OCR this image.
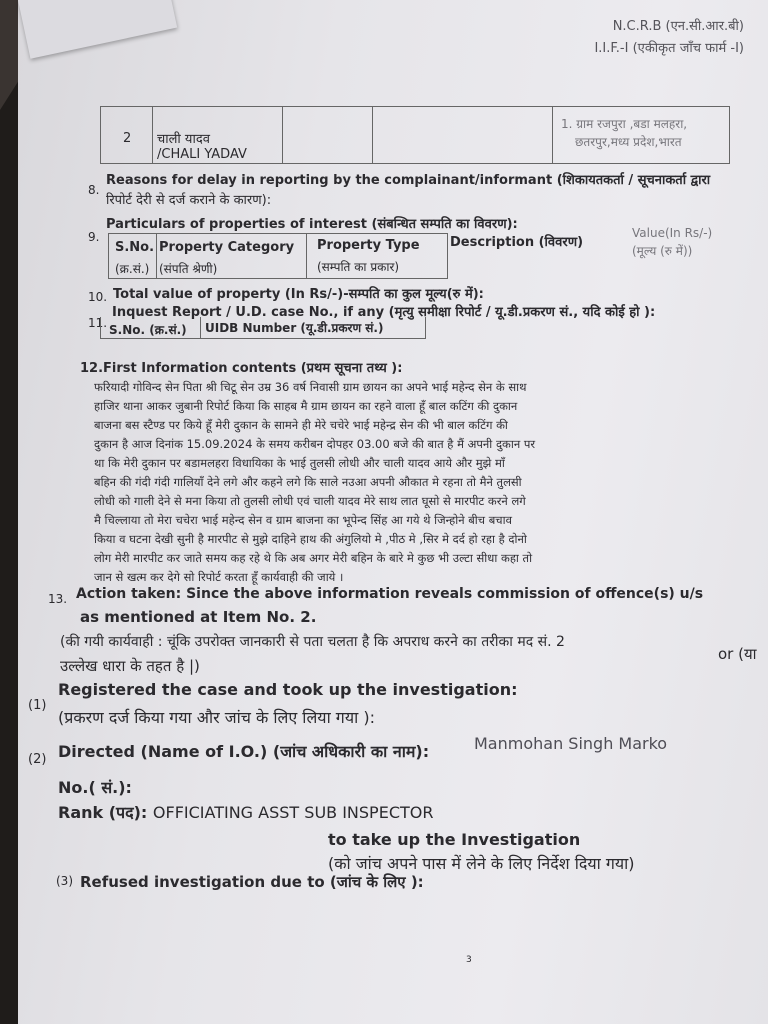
N.C.R.B (एन.सी.आर.बी)
I.I.F.-I (एकीकृत जाँच फार्म -I)
2 चाली यादव
/CHALI YADAV
1. ग्राम रजपुरा ,बडा मलहरा,
छतरपुर,मध्य प्रदेश,भारत
8.
Reasons for delay in reporting by the complainant/informant (शिकायतकर्ता / सूचनाकर्ता द्वारा
रिपोर्ट देरी से दर्ज कराने के कारण):
9.
Particulars of properties of interest (संबन्धित सम्पति का विवरण):
S.No.
(क्र.सं.)
Property Category
(संपति श्रेणी)
Property Type
(सम्पति का प्रकार)
Description (विवरण)
Value(In Rs/-)
(मूल्य (रु में))
10. Total value of property (In Rs/-)-सम्पति का कुल मूल्य(रु में):
11.
Inquest Report / U.D. case No., if any (मृत्यु समीक्षा रिपोर्ट / यू.डी.प्रकरण सं., यदि कोई हो ):
S.No. (क्र.सं.) UIDB Number (यू.डी.प्रकरण सं.)
12.First Information contents (प्रथम सूचना तथ्य ):
फरियादी गोविन्द सेन पिता श्री चिटू सेन उम्र 36 वर्ष निवासी ग्राम छायन का अपने भाई महेन्द सेन के साथ
हाजिर थाना आकर जुबानी रिपोर्ट किया कि साहब मै ग्राम छायन का रहने वाला हूँ बाल कटिंग की दुकान
बाजना बस स्टैण्ड पर किये हूँ मेरी दुकान के सामने ही मेरे चचेरे भाई महेन्द्र सेन की भी बाल कटिंग की
दुकान है आज दिनांक 15.09.2024 के समय करीबन दोपहर 03.00 बजे की बात है मैं अपनी दुकान पर
था कि मेरी दुकान पर बडामलहरा विधायिका के भाई तुलसी लोधी और चाली यादव आये और मुझे माँ
बहिन की गंदी गंदी गालियाँ देने लगे और कहने लगे कि साले नउआ अपनी औकात मे रहना तो मैने तुलसी
लोधी को गाली देने से मना किया तो तुलसी लोधी एवं चाली यादव मेरे साथ लात घूसो से मारपीट करने लगे
मै चिल्लाया तो मेरा चचेरा भाई महेन्द सेन व ग्राम बाजना का भूपेन्द सिंह आ गये थे जिन्होने बीच बचाव
किया व घटना देखी सुनी है मारपीट से मुझे दाहिने हाथ की अंगुलियो मे ,पीठ मे ,सिर मे दर्द हो रहा है दोनो
लोग मेरी मारपीट कर जाते समय कह रहे थे कि अब अगर मेरी बहिन के बारे मे कुछ भी उल्टा सीधा कहा तो
जान से खत्म कर देगे सो रिपोर्ट करता हूँ कार्यवाही की जाये ।
13. Action taken: Since the above information reveals commission of offence(s) u/s
as mentioned at Item No. 2.
(की गयी कार्यवाही : चूंकि उपरोक्त जानकारी से पता चलता है कि अपराध करने का तरीका मद सं. 2
उल्लेख धारा के तहत है |)
or (या
(1)
Registered the case and took up the investigation:
(प्रकरण दर्ज किया गया और जांच के लिए लिया गया ):
(2) Directed (Name of I.O.) (जांच अधिकारी का नाम):	Manmohan Singh Marko
No.( सं.):
Rank (पद): OFFICIATING ASST SUB INSPECTOR
to take up the Investigation
(को जांच अपने पास में लेने के लिए निर्देश दिया गया)
(3) Refused investigation due to (जांच के लिए ):
3
